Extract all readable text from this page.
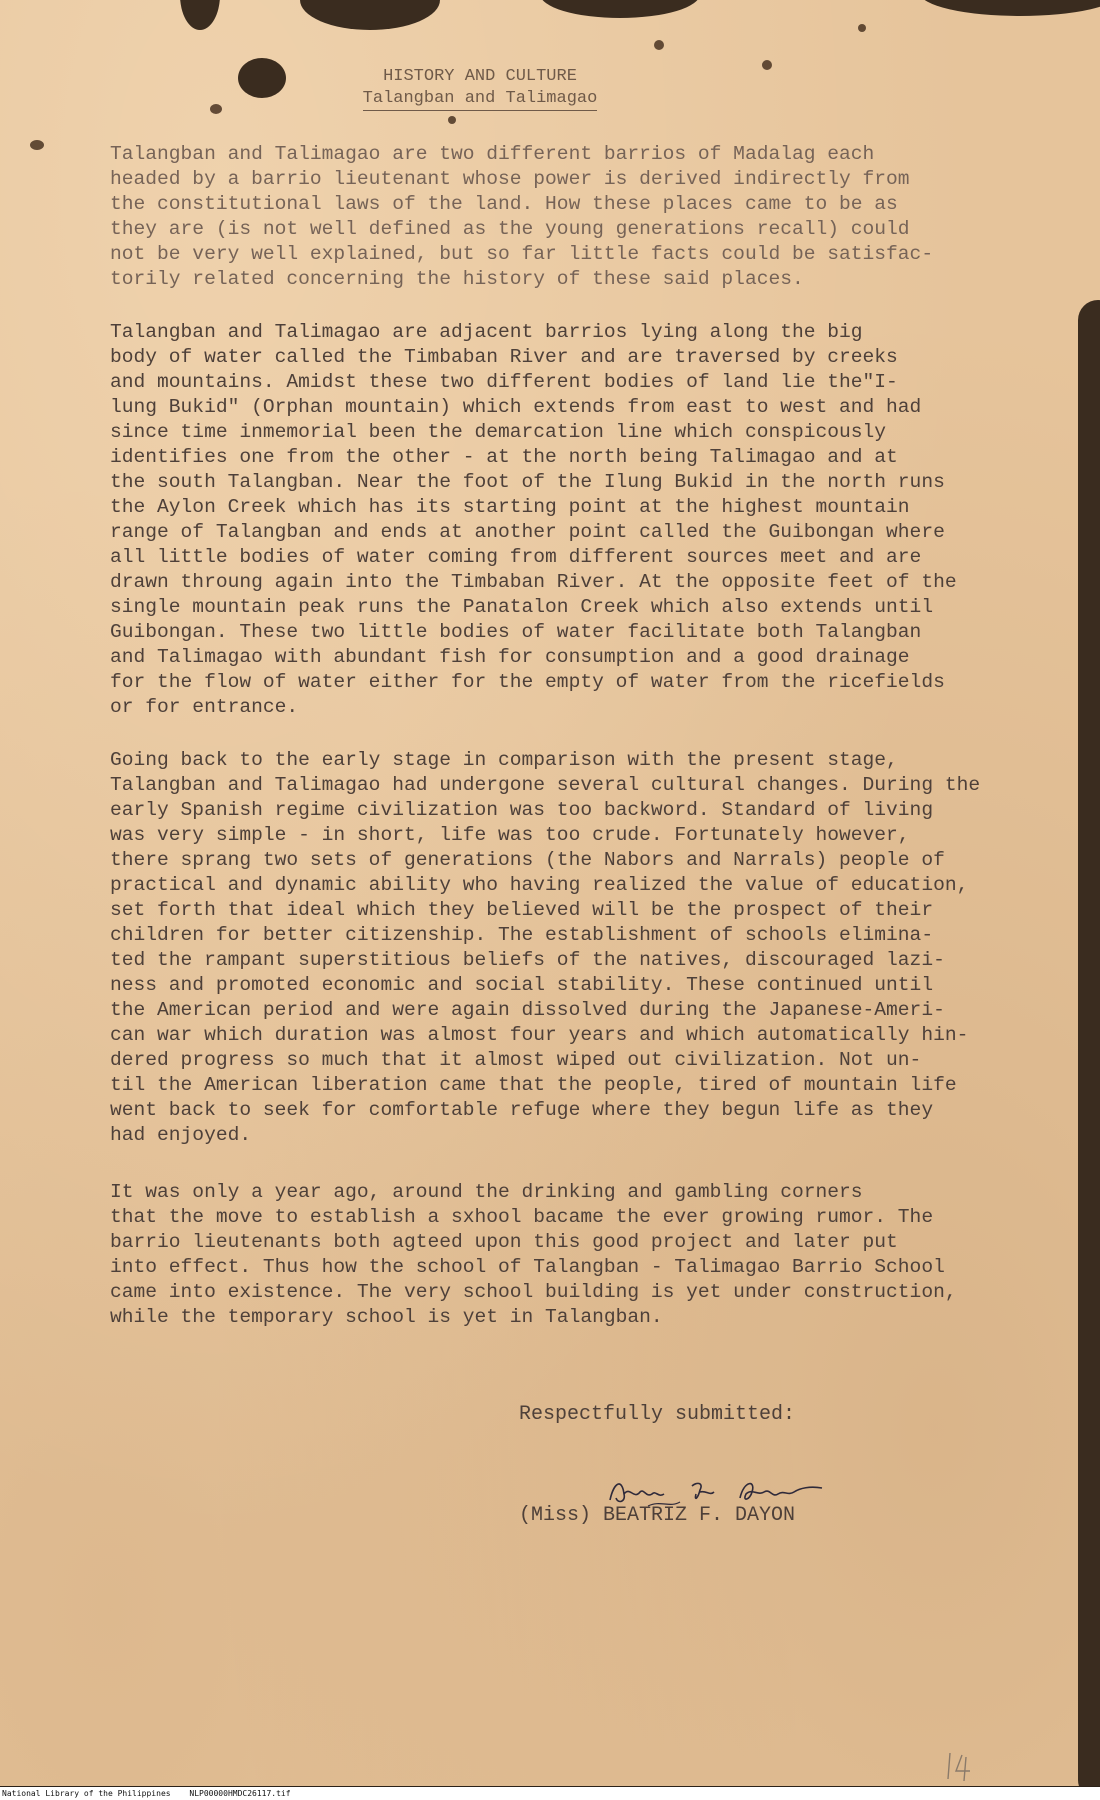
HISTORY AND CULTURE
Talangban and Talimagao
Talangban and Talimagao are two different barrios of Madalag each
headed by a barrio lieutenant whose power is derived indirectly from
the constitutional laws of the land. How these places came to be as
they are (is not well defined as the young generations recall) could
not be very well explained, but so far little facts could be satisfac-
torily related concerning the history of these said places.
Talangban and Talimagao are adjacent barrios lying along the big
body of water called the Timbaban River and are traversed by creeks
and mountains. Amidst these two different bodies of land lie the"I-
lung Bukid" (Orphan mountain) which extends from east to west and had
since time inmemorial been the demarcation line which conspicously
identifies one from the other - at the north being Talimagao and at
the south Talangban. Near the foot of the Ilung Bukid in the north runs
the Aylon Creek which has its starting point at the highest mountain
range of Talangban and ends at another point called the Guibongan where
all little bodies of water coming from different sources meet and are
drawn throung again into the Timbaban River. At the opposite feet of the
single mountain peak runs the Panatalon Creek which also extends until
Guibongan. These two little bodies of water facilitate both Talangban
and Talimagao with abundant fish for consumption and a good drainage
for the flow of water either for the empty of water from the ricefields
or for entrance.
Going back to the early stage in comparison with the present stage,
Talangban and Talimagao had undergone several cultural changes. During the
early Spanish regime civilization was too backword. Standard of living
was very simple - in short, life was too crude. Fortunately however,
there sprang two sets of generations (the Nabors and Narrals) people of
practical and dynamic ability who having realized the value of education,
set forth that ideal which they believed will be the prospect of their
children for better citizenship. The establishment of schools elimina-
ted the rampant superstitious beliefs of the natives, discouraged lazi-
ness and promoted economic and social stability. These continued until
the American period and were again dissolved during the Japanese-Ameri-
can war which duration was almost four years and which automatically hin-
dered progress so much that it almost wiped out civilization. Not un-
til the American liberation came that the people, tired of mountain life
went back to seek for comfortable refuge where they begun life as they
had enjoyed.
It was only a year ago, around the drinking and gambling corners
that the move to establish a sxhool bacame the ever growing rumor. The
barrio lieutenants both agteed upon this good project and later put
into effect. Thus how the school of Talangban - Talimagao Barrio School
came into existence. The very school building is yet under construction,
while the temporary school is yet in Talangban.
Respectfully submitted:
(Miss) BEATRIZ F. DAYON
National Library of the Philippines NLP00000HMDC26117.tif
